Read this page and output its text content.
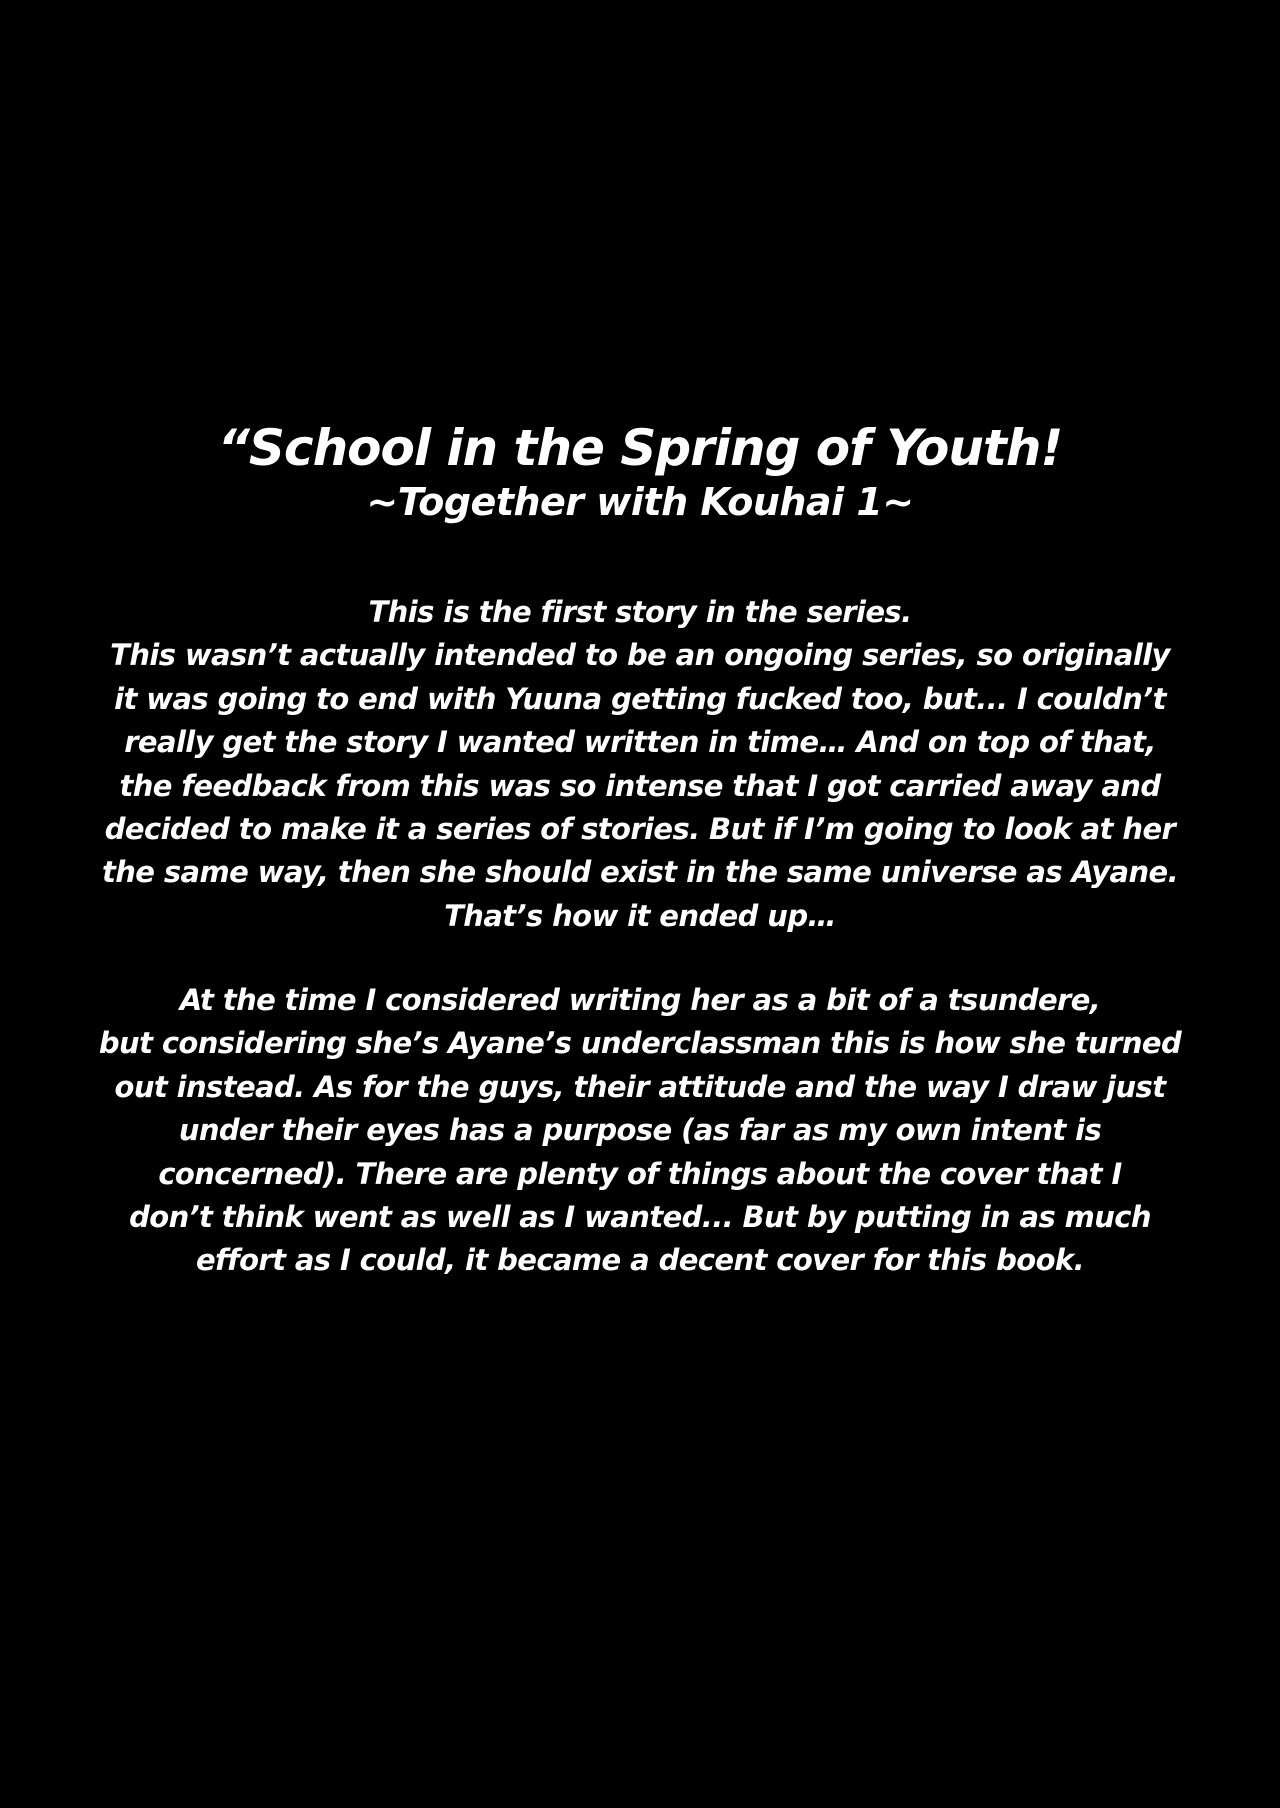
“School in the Spring of Youth!
~Together with Kouhai 1~
This is the first story in the series.
This wasn’t actually intended to be an ongoing series, so originally
it was going to end with Yuuna getting fucked too, but... I couldn’t
really get the story I wanted written in time… And on top of that,
the feedback from this was so intense that I got carried away and
decided to make it a series of stories. But if I’m going to look at her
the same way, then she should exist in the same universe as Ayane.
That’s how it ended up…
At the time I considered writing her as a bit of a tsundere,
but considering she’s Ayane’s underclassman this is how she turned
out instead. As for the guys, their attitude and the way I draw just
under their eyes has a purpose (as far as my own intent is
concerned). There are plenty of things about the cover that I
don’t think went as well as I wanted... But by putting in as much
effort as I could, it became a decent cover for this book.
